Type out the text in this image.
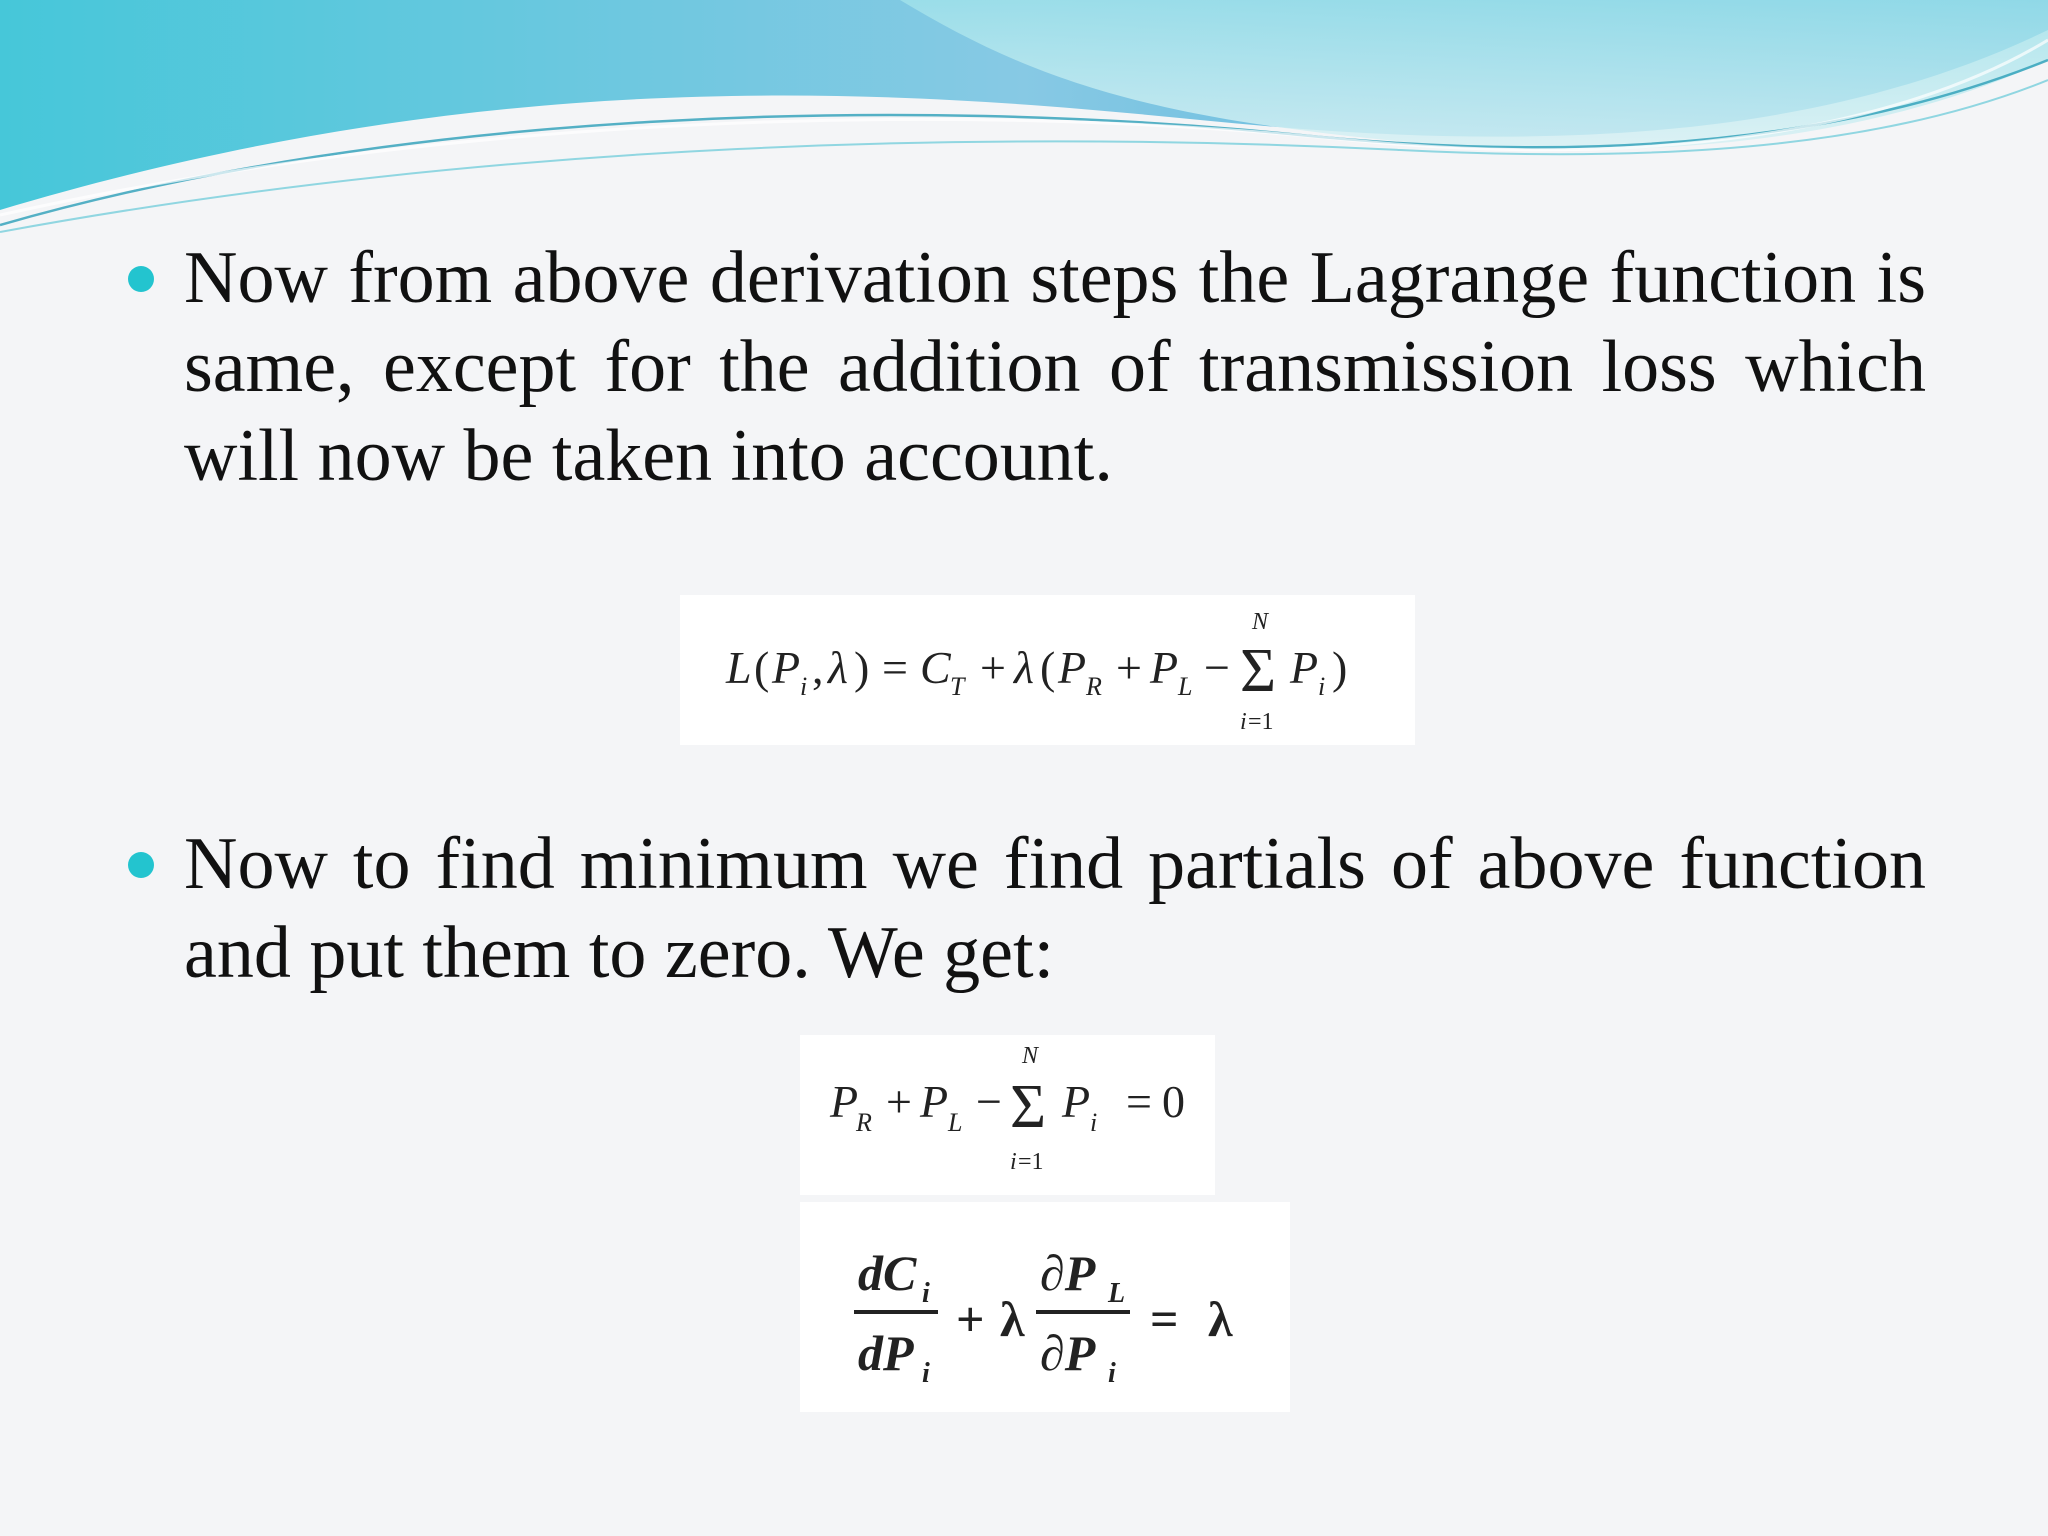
Now from above derivation steps the Lagrange function is same, except for the addition of transmission loss which will now be taken into account.
L ( P i , λ ) = C T + λ ( P R + P L − Σ
N
i =1
P i )
Now to find minimum we find partials of above function and put them to zero. We get:
P
R + P L − Σ
N
i =1
P i = 0
dC i
dP i
+ λ
∂P L
∂P i
= λ
